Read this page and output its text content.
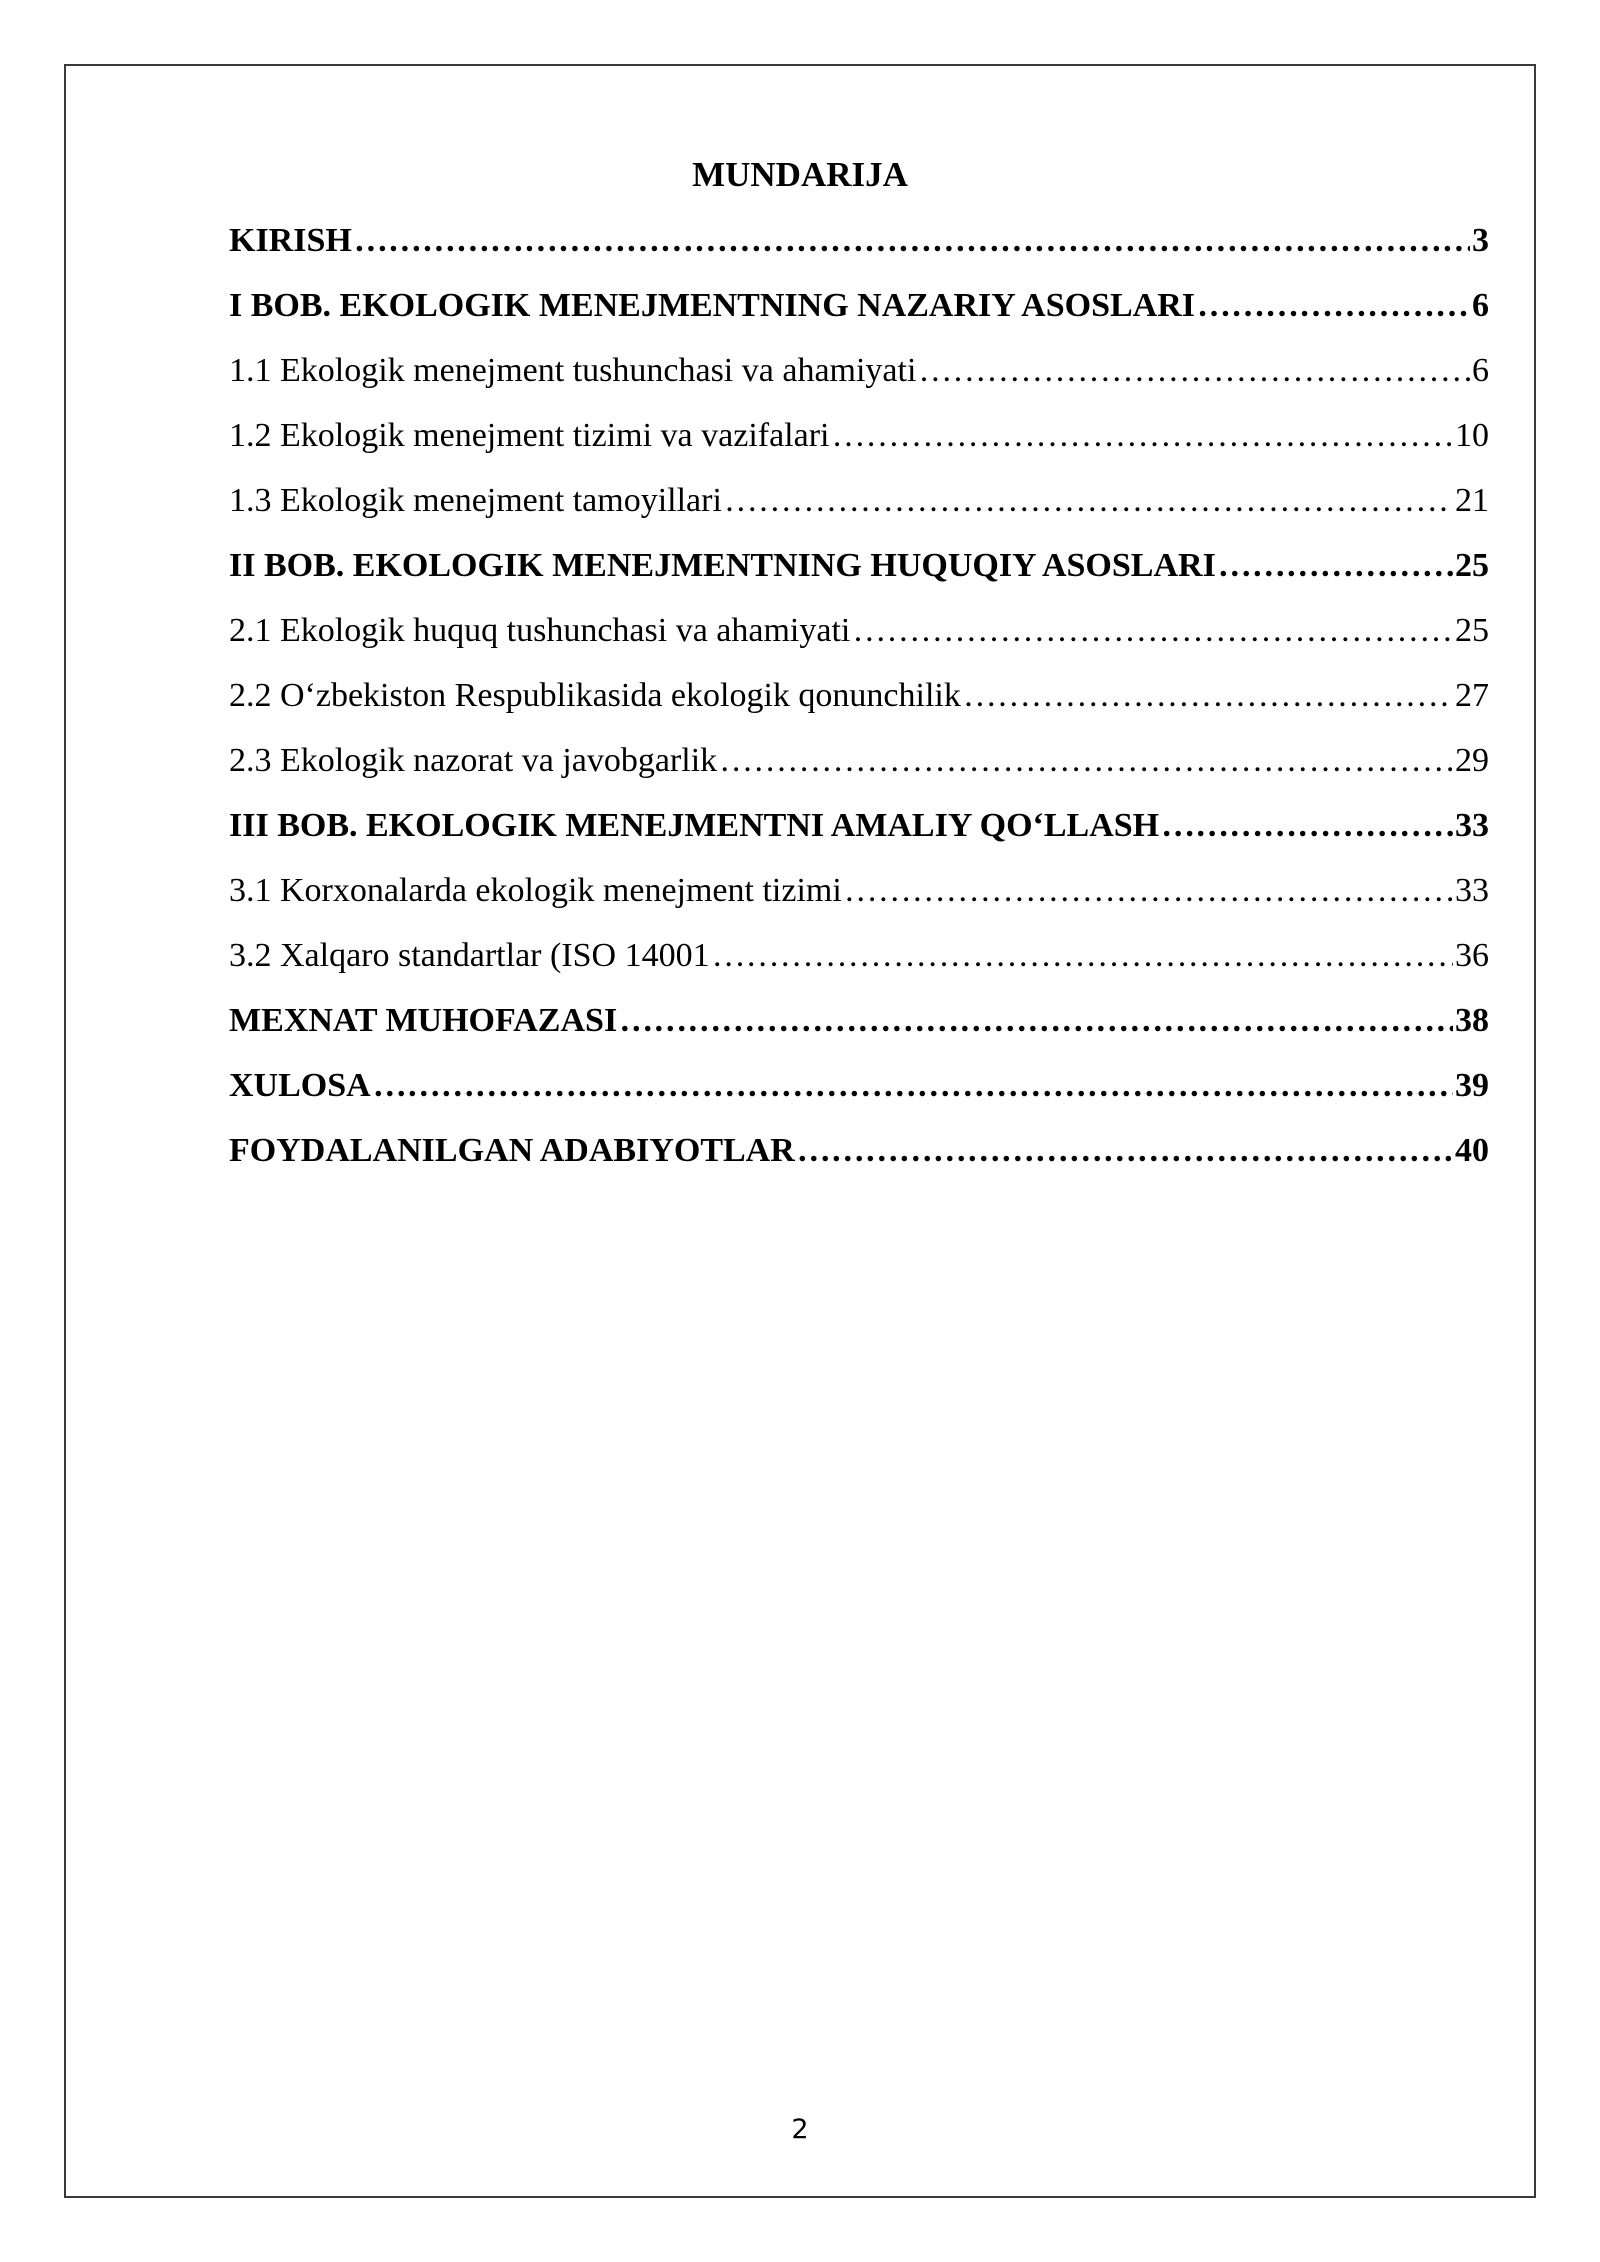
MUNDARIJA
KIRISH …………………………………………………………………………………………………………………………………………………………………………………………………………	3
I BOB. EKOLOGIK MENEJMENTNING NAZARIY ASOSLARI …………………………………………………………………………………………………………………………………………………………………………………………………………	6
1.1 Ekologik menejment tushunchasi va ahamiyati …………………………………………………………………………………………………………………………………………………………………………………………………………	6
1.2 Ekologik menejment tizimi va vazifalari …………………………………………………………………………………………………………………………………………………………………………………………………………	10
1.3 Ekologik menejment tamoyillari …………………………………………………………………………………………………………………………………………………………………………………………………………	21
II BOB. EKOLOGIK MENEJMENTNING HUQUQIY ASOSLARI …………………………………………………………………………………………………………………………………………………………………………………………………………	25
2.1 Ekologik huquq tushunchasi va ahamiyati …………………………………………………………………………………………………………………………………………………………………………………………………………	25
2.2 O‘zbekiston Respublikasida ekologik qonunchilik …………………………………………………………………………………………………………………………………………………………………………………………………………	27
2.3 Ekologik nazorat va javobgarlik …………………………………………………………………………………………………………………………………………………………………………………………………………	29
III BOB. EKOLOGIK MENEJMENTNI AMALIY QO‘LLASH …………………………………………………………………………………………………………………………………………………………………………………………………………	33
3.1 Korxonalarda ekologik menejment tizimi …………………………………………………………………………………………………………………………………………………………………………………………………………	33
3.2 Xalqaro standartlar (ISO 14001 …………………………………………………………………………………………………………………………………………………………………………………………………………	36
MEXNAT MUHOFAZASI …………………………………………………………………………………………………………………………………………………………………………………………………………	38
XULOSA …………………………………………………………………………………………………………………………………………………………………………………………………………	39
FOYDALANILGAN ADABIYOTLAR …………………………………………………………………………………………………………………………………………………………………………………………………………	40
2
